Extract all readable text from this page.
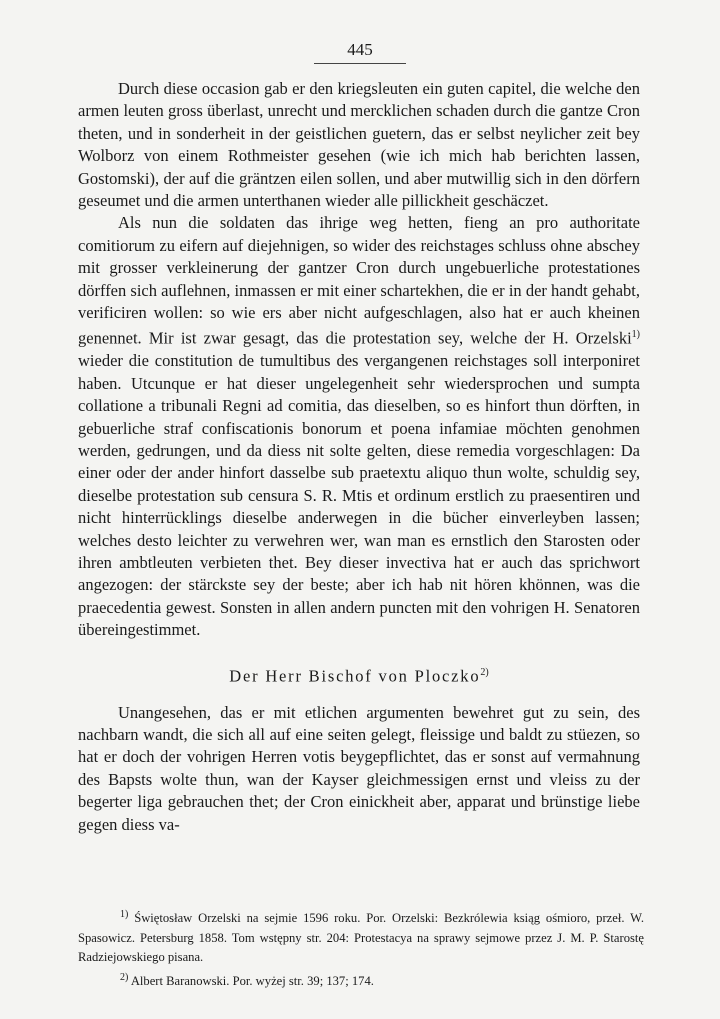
445

Durch diese occasion gab er den kriegsleuten ein guten capitel, die welche den armen leuten gross überlast, unrecht und mercklichen schaden durch die gantze Cron theten, und in sonderheit in der geistlichen guetern, das er selbst neylicher zeit bey Wolborz von einem Rothmeister gesehen (wie ich mich hab berichten lassen, Gostomski), der auf die gräntzen eilen sollen, und aber mutwillig sich in den dörfern geseumet und die armen unterthanen wieder alle pillickheit geschäczet.

Als nun die soldaten das ihrige weg hetten, fieng an pro authoritate comitiorum zu eifern auf diejehnigen, so wider des reichstages schluss ohne abschey mit grosser verkleinerung der gantzer Cron durch ungebuerliche protestationes dörffen sich auflehnen, inmassen er mit einer schartekhen, die er in der handt gehabt, verificiren wollen: so wie ers aber nicht aufgeschlagen, also hat er auch kheinen genennet. Mir ist zwar gesagt, das die protestation sey, welche der H. Orzelski$^{1)}$ wieder die constitution de tumultibus des vergangenen reichstages soll interponiret haben. Utcunque er hat dieser ungelegenheit sehr wiedersprochen und sumpta collatione a tribunali Regni ad comitia, das dieselben, so es hinfort thun dörften, in gebuerliche straf confiscationis bonorum et poena infamiae möchten genohmen werden, gedrungen, und da diess nit solte gelten, diese remedia vorgeschlagen: Da einer oder der ander hinfort dasselbe sub praetextu aliquo thun wolte, schuldig sey, dieselbe protestation sub censura S. R. Mtis et ordinum erstlich zu praesentiren und nicht hinterrücklings dieselbe anderwegen in die bücher einverleyben lassen; welches desto leichter zu verwehren wer, wan man es ernstlich den Starosten oder ihren ambtleuten verbieten thet. Bey dieser invectiva hat er auch das sprichwort angezogen: der stärckste sey der beste; aber ich hab nit hören khönnen, was die praecedentia gewest. Sonsten in allen andern puncten mit den vohrigen H. Senatoren übereingestimmet.

Der Herr Bischof von Ploczko$^{2)}$

Unangesehen, das er mit etlichen argumenten bewehret gut zu sein, des nachbarn wandt, die sich all auf eine seiten gelegt, fleissige und baldt zu stüezen, so hat er doch der vohrigen Herren votis beygepflichtet, das er sonst auf vermahnung des Bapsts wolte thun, wan der Kayser gleichmessigen ernst und vleiss zu der begerter liga gebrauchen thet; der Cron einickheit aber, apparat und brünstige liebe gegen diess va-

$^{1)}$ Świętosław Orzelski na sejmie 1596 roku. Por. Orzelski: Bezkrólewia ksiąg ośmioro, przeł. W. Spasowicz. Petersburg 1858. Tom wstępny str. 204: Protestacya na sprawy sejmowe przez J. M. P. Starostę Radziejowskiego pisana.

$^{2)}$ Albert Baranowski. Por. wyżej str. 39; 137; 174.
